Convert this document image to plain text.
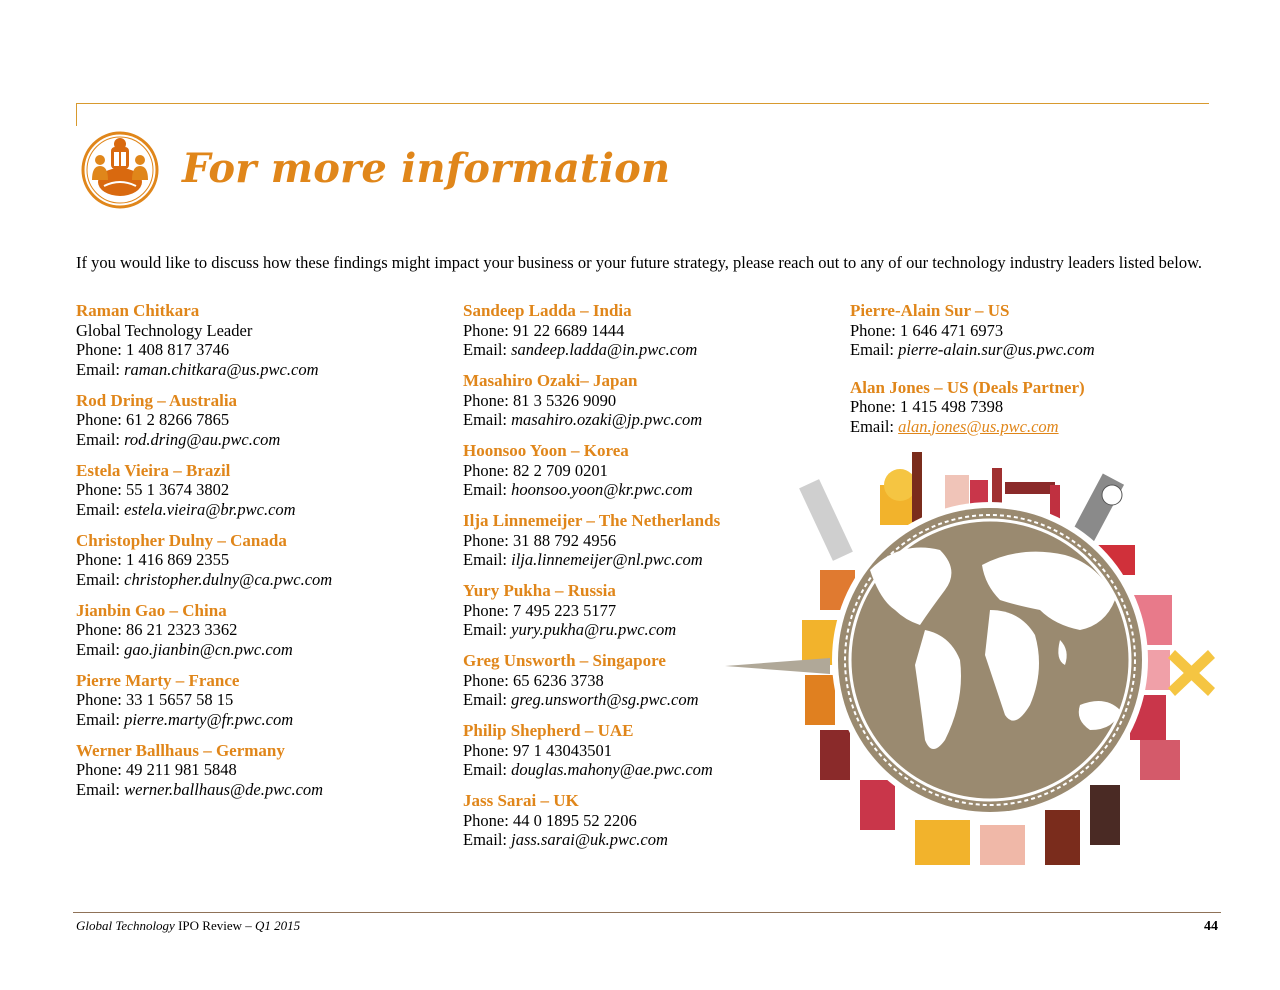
For more information

If you would like to discuss how these findings might impact your business or your future strategy, please reach out to any of our technology industry leaders listed below.

Raman Chitkara
Global Technology Leader
Phone: 1 408 817 3746
Email: raman.chitkara@us.pwc.com
Rod Dring – Australia
Phone: 61 2 8266 7865
Email: rod.dring@au.pwc.com
Estela Vieira – Brazil
Phone: 55 1 3674 3802
Email: estela.vieira@br.pwc.com
Christopher Dulny – Canada
Phone: 1 416 869 2355
Email: christopher.dulny@ca.pwc.com
Jianbin Gao – China
Phone: 86 21 2323 3362
Email: gao.jianbin@cn.pwc.com
Pierre Marty – France
Phone: 33 1 5657 58 15
Email: pierre.marty@fr.pwc.com
Werner Ballhaus – Germany
Phone: 49 211 981 5848
Email: werner.ballhaus@de.pwc.com
Sandeep Ladda – India
Phone: 91 22 6689 1444
Email: sandeep.ladda@in.pwc.com
Masahiro Ozaki– Japan
Phone: 81 3 5326 9090
Email: masahiro.ozaki@jp.pwc.com
Hoonsoo Yoon – Korea
Phone: 82 2 709 0201
Email: hoonsoo.yoon@kr.pwc.com
Ilja Linnemeijer – The Netherlands
Phone: 31 88 792 4956
Email: ilja.linnemeijer@nl.pwc.com
Yury Pukha – Russia
Phone: 7 495 223 5177
Email: yury.pukha@ru.pwc.com
Greg Unsworth – Singapore
Phone: 65 6236 3738
Email: greg.unsworth@sg.pwc.com
Philip Shepherd – UAE
Phone: 97 1 43043501
Email: douglas.mahony@ae.pwc.com
Jass Sarai – UK
Phone: 44 0 1895 52 2206
Email: jass.sarai@uk.pwc.com
Pierre-Alain Sur – US
Phone: 1 646 471 6973
Email: pierre-alain.sur@us.pwc.com
Alan Jones – US (Deals Partner)
Phone: 1 415 498 7398
Email: alan.jones@us.pwc.com
Global Technology IPO Review – Q1 2015	44
